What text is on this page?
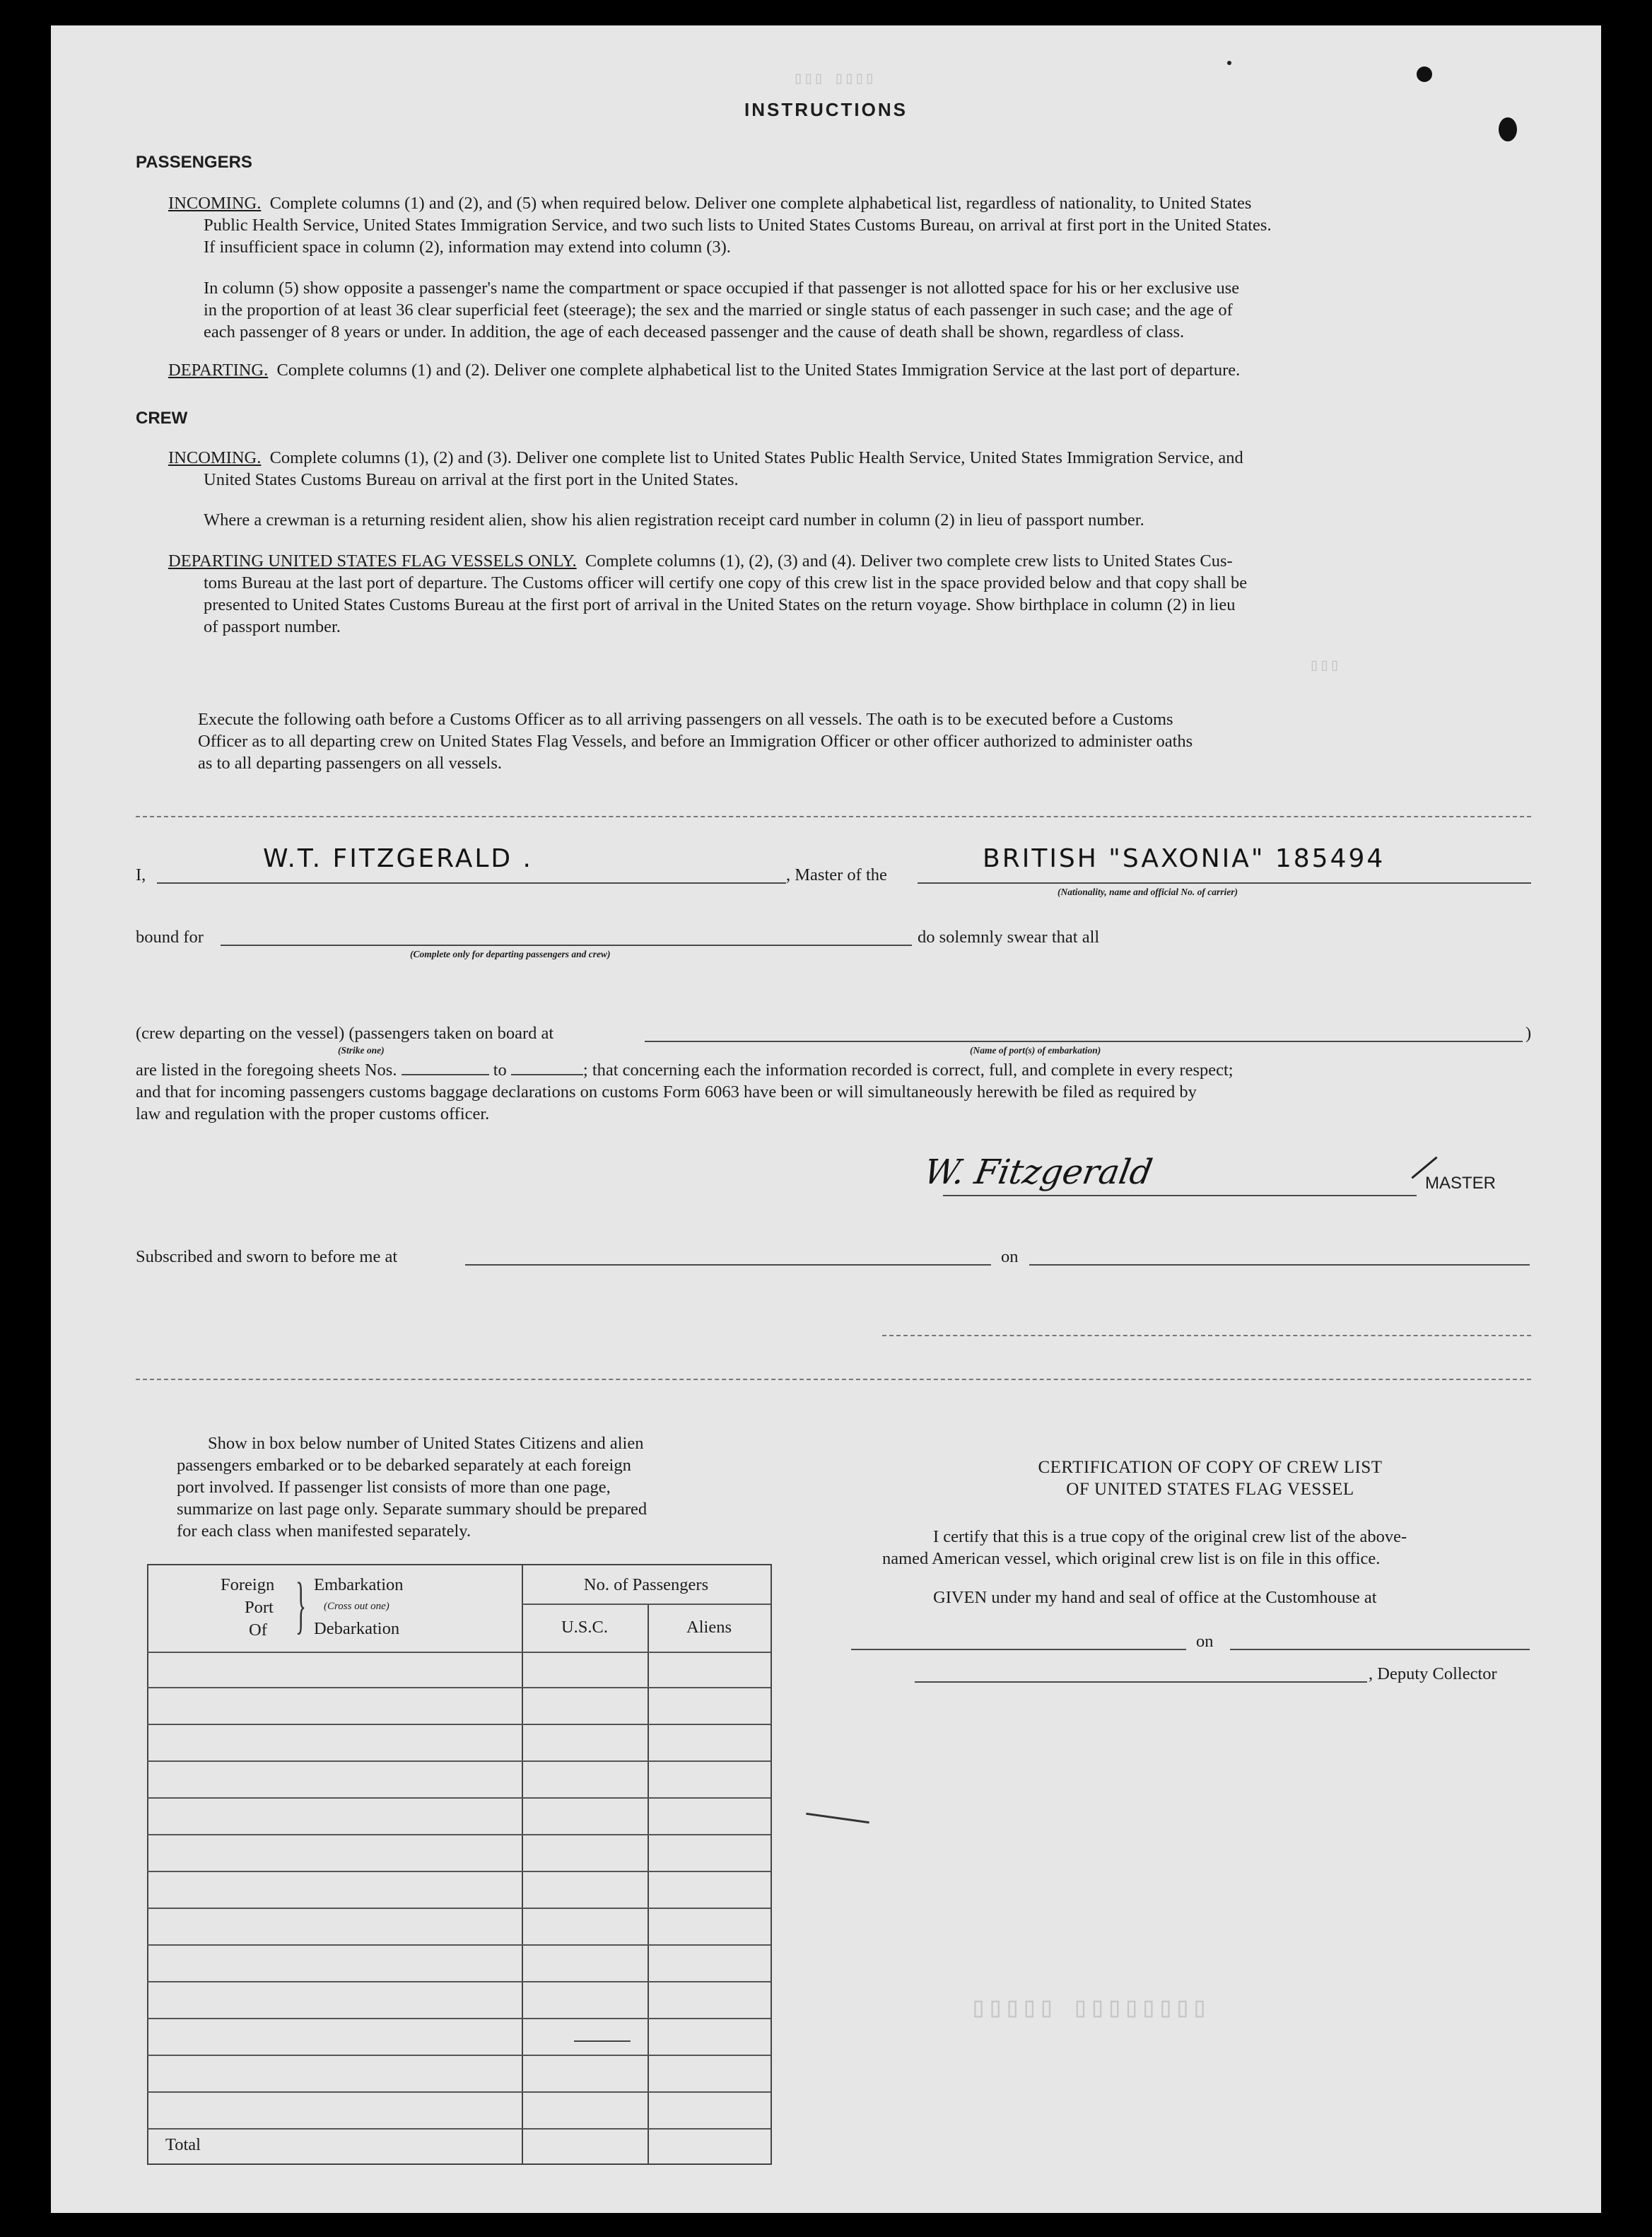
▯▯▯ ▯▯▯▯
▯▯▯
▯▯▯▯▯ ▯▯▯▯▯▯▯▯
INSTRUCTIONS
PASSENGERS
INCOMING. Complete columns (1) and (2), and (5) when required below. Deliver one complete alphabetical list, regardless of nationality, to United States
Public Health Service, United States Immigration Service, and two such lists to United States Customs Bureau, on arrival at first port in the United States.
If insufficient space in column (2), information may extend into column (3).
In column (5) show opposite a passenger's name the compartment or space occupied if that passenger is not allotted space for his or her exclusive use
in the proportion of at least 36 clear superficial feet (steerage); the sex and the married or single status of each passenger in such case; and the age of
each passenger of 8 years or under. In addition, the age of each deceased passenger and the cause of death shall be shown, regardless of class.
DEPARTING. Complete columns (1) and (2). Deliver one complete alphabetical list to the United States Immigration Service at the last port of departure.
CREW
INCOMING. Complete columns (1), (2) and (3). Deliver one complete list to United States Public Health Service, United States Immigration Service, and
United States Customs Bureau on arrival at the first port in the United States.
Where a crewman is a returning resident alien, show his alien registration receipt card number in column (2) in lieu of passport number.
DEPARTING UNITED STATES FLAG VESSELS ONLY. Complete columns (1), (2), (3) and (4). Deliver two complete crew lists to United States Cus-
toms Bureau at the last port of departure. The Customs officer will certify one copy of this crew list in the space provided below and that copy shall be
presented to United States Customs Bureau at the first port of arrival in the United States on the return voyage. Show birthplace in column (2) in lieu
of passport number.
Execute the following oath before a Customs Officer as to all arriving passengers on all vessels. The oath is to be executed before a Customs
Officer as to all departing crew on United States Flag Vessels, and before an Immigration Officer or other officer authorized to administer oaths
as to all departing passengers on all vessels.
I,
W.T. FITZGERALD .
, Master of the
BRITISH "SAXONIA" 185494
(Nationality, name and official No. of carrier)
bound for
(Complete only for departing passengers and crew)
do solemnly swear that all
(crew departing on the vessel) (passengers taken on board at	)
(Strike one)	(Name of port(s) of embarkation)
are listed in the foregoing sheets Nos.	to	; that concerning each the information recorded is correct, full, and complete in every respect;
and that for incoming passengers customs baggage declarations on customs Form 6063 have been or will simultaneously herewith be filed as required by
law and regulation with the proper customs officer.
W. Fitzgerald	MASTER
Subscribed and sworn to before me at	on
Show in box below number of United States Citizens and alien
passengers embarked or to be debarked separately at each foreign
port involved. If passenger list consists of more than one page,
summarize on last page only. Separate summary should be prepared
for each class when manifested separately.
Foreign
Port
Of } Embarkation
(Cross out one)
Debarkation
No. of Passengers
U.S.C.	Aliens
Total
CERTIFICATION OF COPY OF CREW LIST
OF UNITED STATES FLAG VESSEL
I certify that this is a true copy of the original crew list of the above-
named American vessel, which original crew list is on file in this office.
GIVEN under my hand and seal of office at the Customhouse at
on
, Deputy Collector
